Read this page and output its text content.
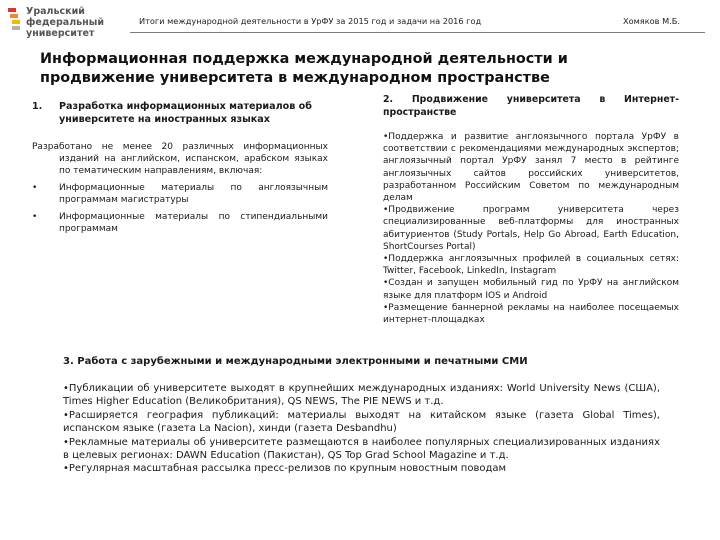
Уральский
федеральный
университет
Итоги международной деятельности в УрФУ за 2015 год и задачи на 2016 год	Хомяков М.Б.
Информационная поддержка международной деятельности и продвижение университета в международном пространстве
1. Разработка информационных материалов об университете на иностранных языках

Разработано не менее 20 различных информационных изданий на английском, испанском, арабском языках по тематическим направлениям, включая:

• Информационные материалы по англоязычным программам магистратуры
• Информационные материалы по стипендиальными программам

2. Продвижение университета в Интернет-пространстве

•Поддержка и развитие англоязычного портала УрФУ в соответствии с рекомендациями международных экспертов; англоязычный портал УрФУ занял 7 место в рейтинге англоязычных сайтов российских университетов, разработанном Российским Советом по международным делам

•Продвижение программ университета через специализированные веб-платформы для иностранных абитуриентов (Study Portals, Help Go Abroad, Earth Education, ShortCourses Portal)

•Поддержка англоязычных профилей в социальных сетях: Twitter, Facebook, LinkedIn, Instagram

•Создан и запущен мобильный гид по УрФУ на английском языке для платформ IOS и Android

•Размещение баннерной рекламы на наиболее посещаемых интернет-площадках

3. Работа с зарубежными и международными электронными и печатными СМИ

•Публикации об университете выходят в крупнейших международных изданиях: World University News (США), Times Higher Education (Великобритания), QS NEWS, The PIE NEWS и т.д.

•Расширяется география публикаций: материалы выходят на китайском языке (газета Global Times), испанском языке (газета La Nacion), хинди (газета Desbandhu)

•Рекламные материалы об университете размещаются в наиболее популярных специализированных изданиях в целевых регионах: DAWN Education (Пакистан), QS Top Grad School Magazine и т.д.

•Регулярная масштабная рассылка пресс-релизов по крупным новостным поводам
